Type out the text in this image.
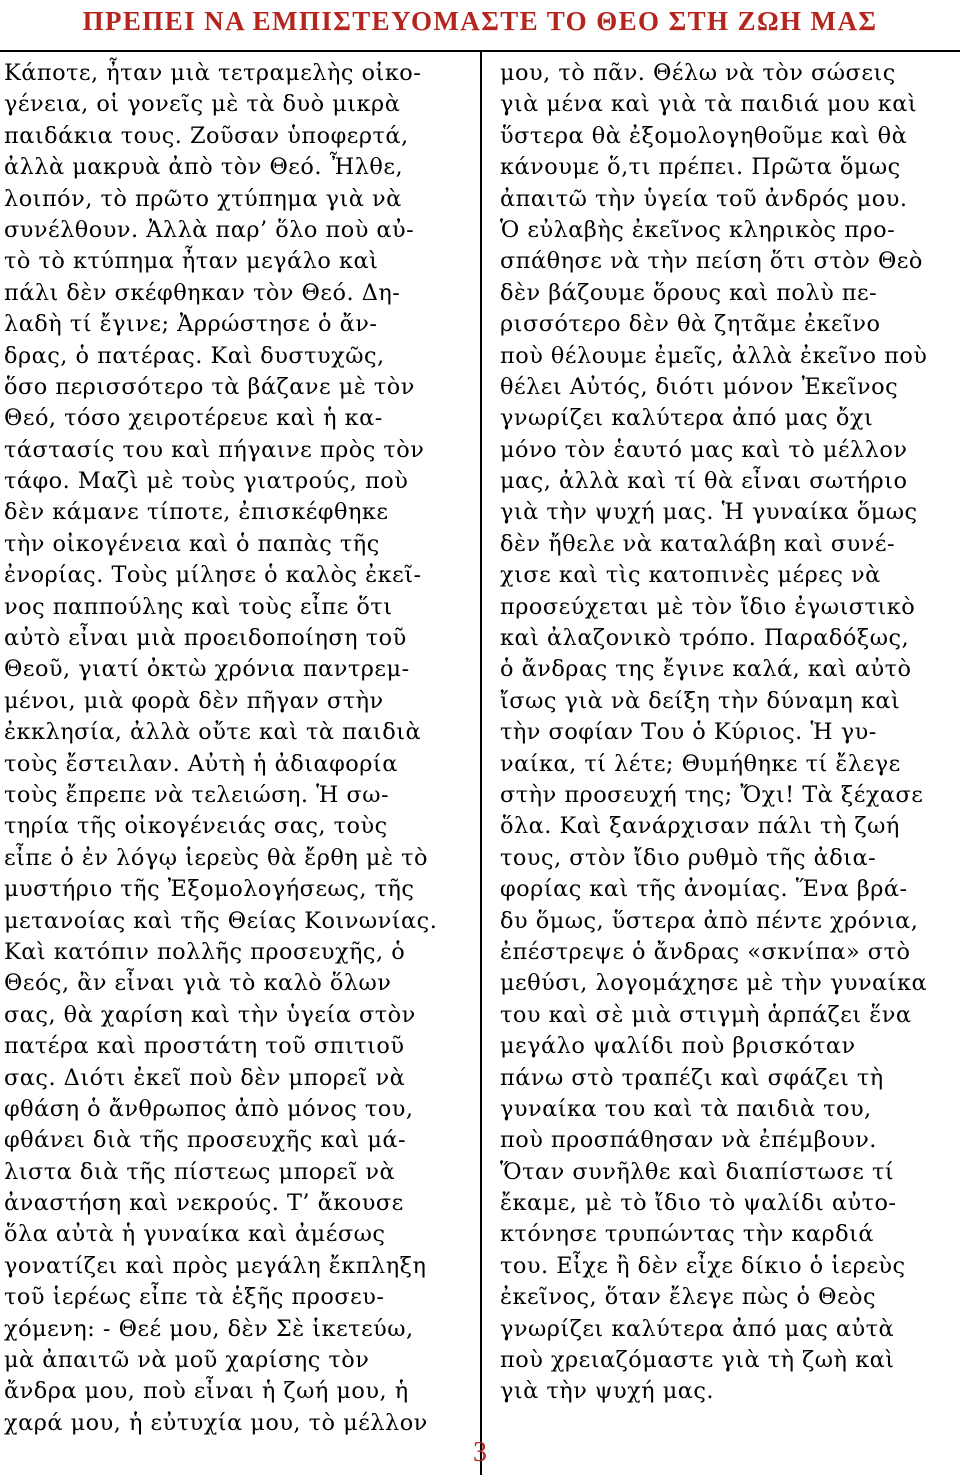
ΠΡΕΠΕΙ ΝΑ ΕΜΠΙΣΤΕΥΟΜΑΣΤΕ ΤΟ ΘΕΟ ΣΤΗ ΖΩΗ ΜΑΣ
Κάποτε, ἦταν μιὰ τετραμελὴς οἰκο-
γένεια, οἱ γονεῖς μὲ τὰ δυὸ μικρὰ
παιδάκια τους. Ζοῦσαν ὑποφερτά,
ἀλλὰ μακρυὰ ἀπὸ τὸν Θεό. Ἦλθε,
λοιπόν, τὸ πρῶτο χτύπημα γιὰ νὰ
συνέλθουν. Ἀλλὰ παρ’ ὅλο ποὺ αὐ-
τὸ τὸ κτύπημα ἦταν μεγάλο καὶ
πάλι δὲν σκέφθηκαν τὸν Θεό. Δη-
λαδὴ τί ἔγινε; Ἀρρώστησε ὁ ἄν-
δρας, ὁ πατέρας. Καὶ δυστυχῶς,
ὅσο περισσότερο τὰ βάζανε μὲ τὸν
Θεό, τόσο χειροτέρευε καὶ ἡ κα-
τάστασίς του καὶ πήγαινε πρὸς τὸν
τάφο. Μαζὶ μὲ τοὺς γιατρούς, ποὺ
δὲν κάμανε τίποτε, ἐπισκέφθηκε
τὴν οἰκογένεια καὶ ὁ παπὰς τῆς
ἐνορίας. Τοὺς μίλησε ὁ καλὸς ἐκεῖ-
νος παππούλης καὶ τοὺς εἶπε ὅτι
αὐτὸ εἶναι μιὰ προειδοποίηση τοῦ
Θεοῦ, γιατί ὀκτὼ χρόνια παντρεμ-
μένοι, μιὰ φορὰ δὲν πῆγαν στὴν
ἐκκλησία, ἀλλὰ οὔτε καὶ τὰ παιδιὰ
τοὺς ἔστειλαν. Αὐτὴ ἡ ἀδιαφορία
τοὺς ἔπρεπε νὰ τελειώση. Ἡ σω-
τηρία τῆς οἰκογένειάς σας, τοὺς
εἶπε ὁ ἐν λόγῳ ἱερεὺς θὰ ἔρθη μὲ τὸ
μυστήριο τῆς Ἐξομολογήσεως, τῆς
μετανοίας καὶ τῆς Θείας Κοινωνίας.
Καὶ κατόπιν πολλῆς προσευχῆς, ὁ
Θεός, ἂν εἶναι γιὰ τὸ καλὸ ὅλων
σας, θὰ χαρίση καὶ τὴν ὑγεία στὸν
πατέρα καὶ προστάτη τοῦ σπιτιοῦ
σας. Διότι ἐκεῖ ποὺ δὲν μπορεῖ νὰ
φθάση ὁ ἄνθρωπος ἀπὸ μόνος του,
φθάνει διὰ τῆς προσευχῆς καὶ μά-
λιστα διὰ τῆς πίστεως μπορεῖ νὰ
ἀναστήση καὶ νεκρούς. Τ’ ἄκουσε
ὅλα αὐτὰ ἡ γυναίκα καὶ ἀμέσως
γονατίζει καὶ πρὸς μεγάλη ἔκπληξη
τοῦ ἱερέως εἶπε τὰ ἑξῆς προσευ-
χόμενη: - Θεέ μου, δὲν Σὲ ἱκετεύω,
μὰ ἀπαιτῶ νὰ μοῦ χαρίσης τὸν
ἄνδρα μου, ποὺ εἶναι ἡ ζωή μου, ἡ
χαρά μου, ἡ εὐτυχία μου, τὸ μέλλον
μου, τὸ πᾶν. Θέλω νὰ τὸν σώσεις
γιὰ μένα καὶ γιὰ τὰ παιδιά μου καὶ
ὕστερα θὰ ἐξομολογηθοῦμε καὶ θὰ
κάνουμε ὅ,τι πρέπει. Πρῶτα ὅμως
ἀπαιτῶ τὴν ὑγεία τοῦ ἀνδρός μου.
Ὁ εὐλαβὴς ἐκεῖνος κληρικὸς προ-
σπάθησε νὰ τὴν πείση ὅτι στὸν Θεὸ
δὲν βάζουμε ὅρους καὶ πολὺ πε-
ρισσότερο δὲν θὰ ζητᾶμε ἐκεῖνο
ποὺ θέλουμε ἐμεῖς, ἀλλὰ ἐκεῖνο ποὺ
θέλει Αὐτός, διότι μόνον Ἐκεῖνος
γνωρίζει καλύτερα ἀπό μας ὄχι
μόνο τὸν ἑαυτό μας καὶ τὸ μέλλον
μας, ἀλλὰ καὶ τί θὰ εἶναι σωτήριο
γιὰ τὴν ψυχή μας. Ἡ γυναίκα ὅμως
δὲν ἤθελε νὰ καταλάβη καὶ συνέ-
χισε καὶ τὶς κατοπινὲς μέρες νὰ
προσεύχεται μὲ τὸν ἴδιο ἐγωιστικὸ
καὶ ἀλαζονικὸ τρόπο. Παραδόξως,
ὁ ἄνδρας της ἔγινε καλά, καὶ αὐτὸ
ἴσως γιὰ νὰ δείξη τὴν δύναμη καὶ
τὴν σοφίαν Του ὁ Κύριος. Ἡ γυ-
ναίκα, τί λέτε; Θυμήθηκε τί ἔλεγε
στὴν προσευχή της; Ὄχι! Τὰ ξέχασε
ὅλα. Καὶ ξανάρχισαν πάλι τὴ ζωή
τους, στὸν ἴδιο ρυθμὸ τῆς ἀδια-
φορίας καὶ τῆς ἀνομίας. Ἕνα βρά-
δυ ὅμως, ὕστερα ἀπὸ πέντε χρόνια,
ἐπέστρεψε ὁ ἄνδρας «σκνίπα» στὸ
μεθύσι, λογομάχησε μὲ τὴν γυναίκα
του καὶ σὲ μιὰ στιγμὴ ἁρπάζει ἕνα
μεγάλο ψαλίδι ποὺ βρισκόταν
πάνω στὸ τραπέζι καὶ σφάζει τὴ
γυναίκα του καὶ τὰ παιδιὰ του,
ποὺ προσπάθησαν νὰ ἐπέμβουν.
Ὅταν συνῆλθε καὶ διαπίστωσε τί
ἔκαμε, μὲ τὸ ἴδιο τὸ ψαλίδι αὐτο-
κτόνησε τρυπώντας τὴν καρδιά
του. Εἶχε ἢ δὲν εἶχε δίκιο ὁ ἱερεὺς
ἐκεῖνος, ὅταν ἔλεγε πὼς ὁ Θεὸς
γνωρίζει καλύτερα ἀπό μας αὐτὰ
ποὺ χρειαζόμαστε γιὰ τὴ ζωὴ καὶ
γιὰ τὴν ψυχή μας.
3
